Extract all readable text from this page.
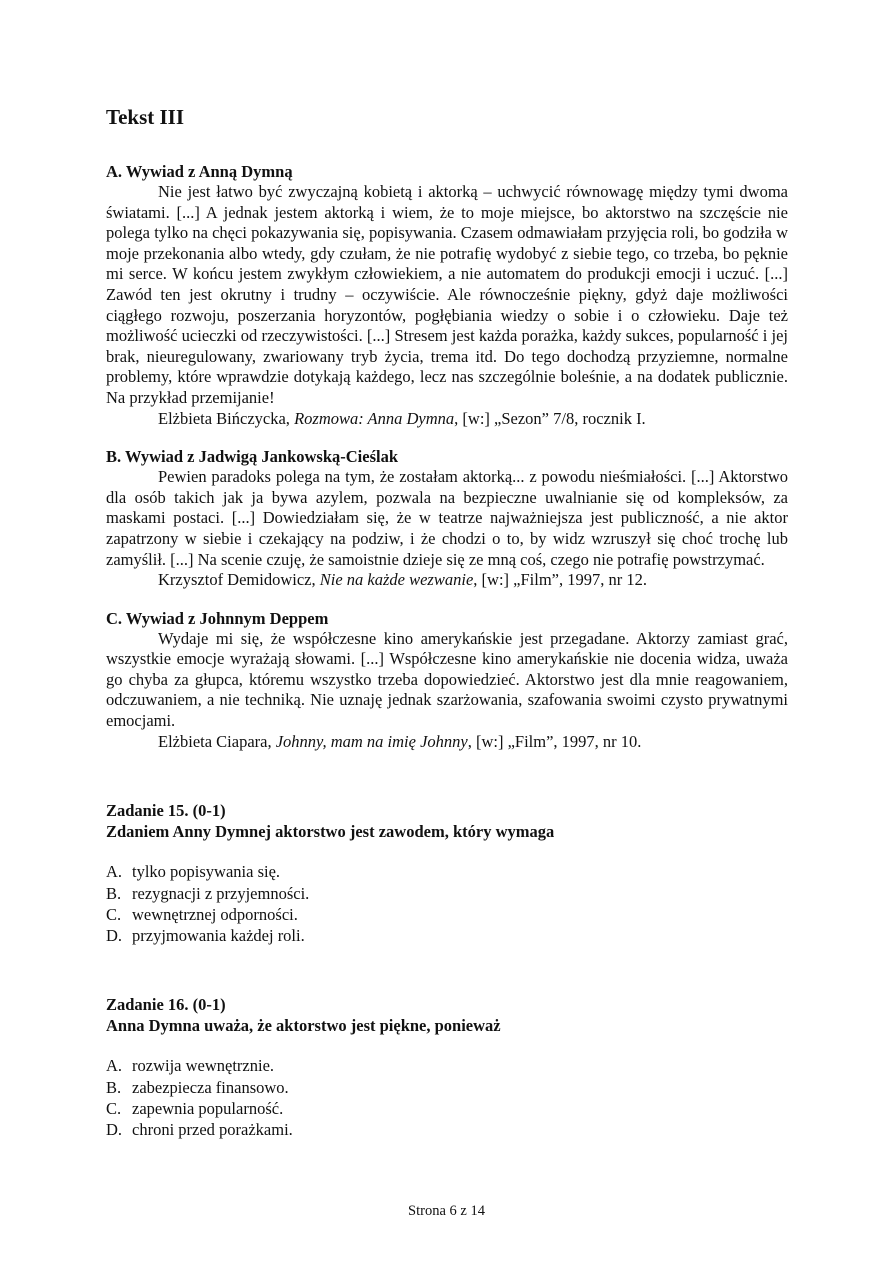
Tekst III
A. Wywiad z Anną Dymną

Nie jest łatwo być zwyczajną kobietą i aktorką – uchwycić równowagę między tymi dwoma światami. [...] A jednak jestem aktorką i wiem, że to moje miejsce, bo aktorstwo na szczęście nie polega tylko na chęci pokazywania się, popisywania. Czasem odmawiałam przyjęcia roli, bo godziła w moje przekonania albo wtedy, gdy czułam, że nie potrafię wydobyć z siebie tego, co trzeba, bo pęknie mi serce. W końcu jestem zwykłym człowiekiem, a nie automatem do produkcji emocji i uczuć. [...] Zawód ten jest okrutny i trudny – oczywiście. Ale równocześnie piękny, gdyż daje możliwości ciągłego rozwoju, poszerzania horyzontów, pogłębiania wiedzy o sobie i o człowieku. Daje też możliwość ucieczki od rzeczywistości. [...] Stresem jest każda porażka, każdy sukces, popularność i jej brak, nieuregulowany, zwariowany tryb życia, trema itd. Do tego dochodzą przyziemne, normalne problemy, które wprawdzie dotykają każdego, lecz nas szczególnie boleśnie, a na dodatek publicznie. Na przykład przemijanie!

Elżbieta Bińczycka, Rozmowa: Anna Dymna, [w:] „Sezon” 7/8, rocznik I.

B. Wywiad z Jadwigą Jankowską-Cieślak

Pewien paradoks polega na tym, że zostałam aktorką... z powodu nieśmiałości. [...] Aktorstwo dla osób takich jak ja bywa azylem, pozwala na bezpieczne uwalnianie się od kompleksów, za maskami postaci. [...] Dowiedziałam się, że w teatrze najważniejsza jest publiczność, a nie aktor zapatrzony w siebie i czekający na podziw, i że chodzi o to, by widz wzruszył się choć trochę lub zamyślił. [...] Na scenie czuję, że samoistnie dzieje się ze mną coś, czego nie potrafię powstrzymać.

Krzysztof Demidowicz, Nie na każde wezwanie, [w:] „Film”, 1997, nr 12.

C. Wywiad z Johnnym Deppem

Wydaje mi się, że współczesne kino amerykańskie jest przegadane. Aktorzy zamiast grać, wszystkie emocje wyrażają słowami. [...] Współczesne kino amerykańskie nie docenia widza, uważa go chyba za głupca, któremu wszystko trzeba dopowiedzieć. Aktorstwo jest dla mnie reagowaniem, odczuwaniem, a nie techniką. Nie uznaję jednak szarżowania, szafowania swoimi czysto prywatnymi emocjami.

Elżbieta Ciapara, Johnny, mam na imię Johnny, [w:] „Film”, 1997, nr 10.

Zadanie 15. (0-1)

Zdaniem Anny Dymnej aktorstwo jest zawodem, który wymaga

A. tylko popisywania się.
B. rezygnacji z przyjemności.
C. wewnętrznej odporności.
D. przyjmowania każdej roli.

Zadanie 16. (0-1)

Anna Dymna uważa, że aktorstwo jest piękne, ponieważ

A. rozwija wewnętrznie.
B. zabezpiecza finansowo.
C. zapewnia popularność.
D. chroni przed porażkami.
Strona 6 z 14
